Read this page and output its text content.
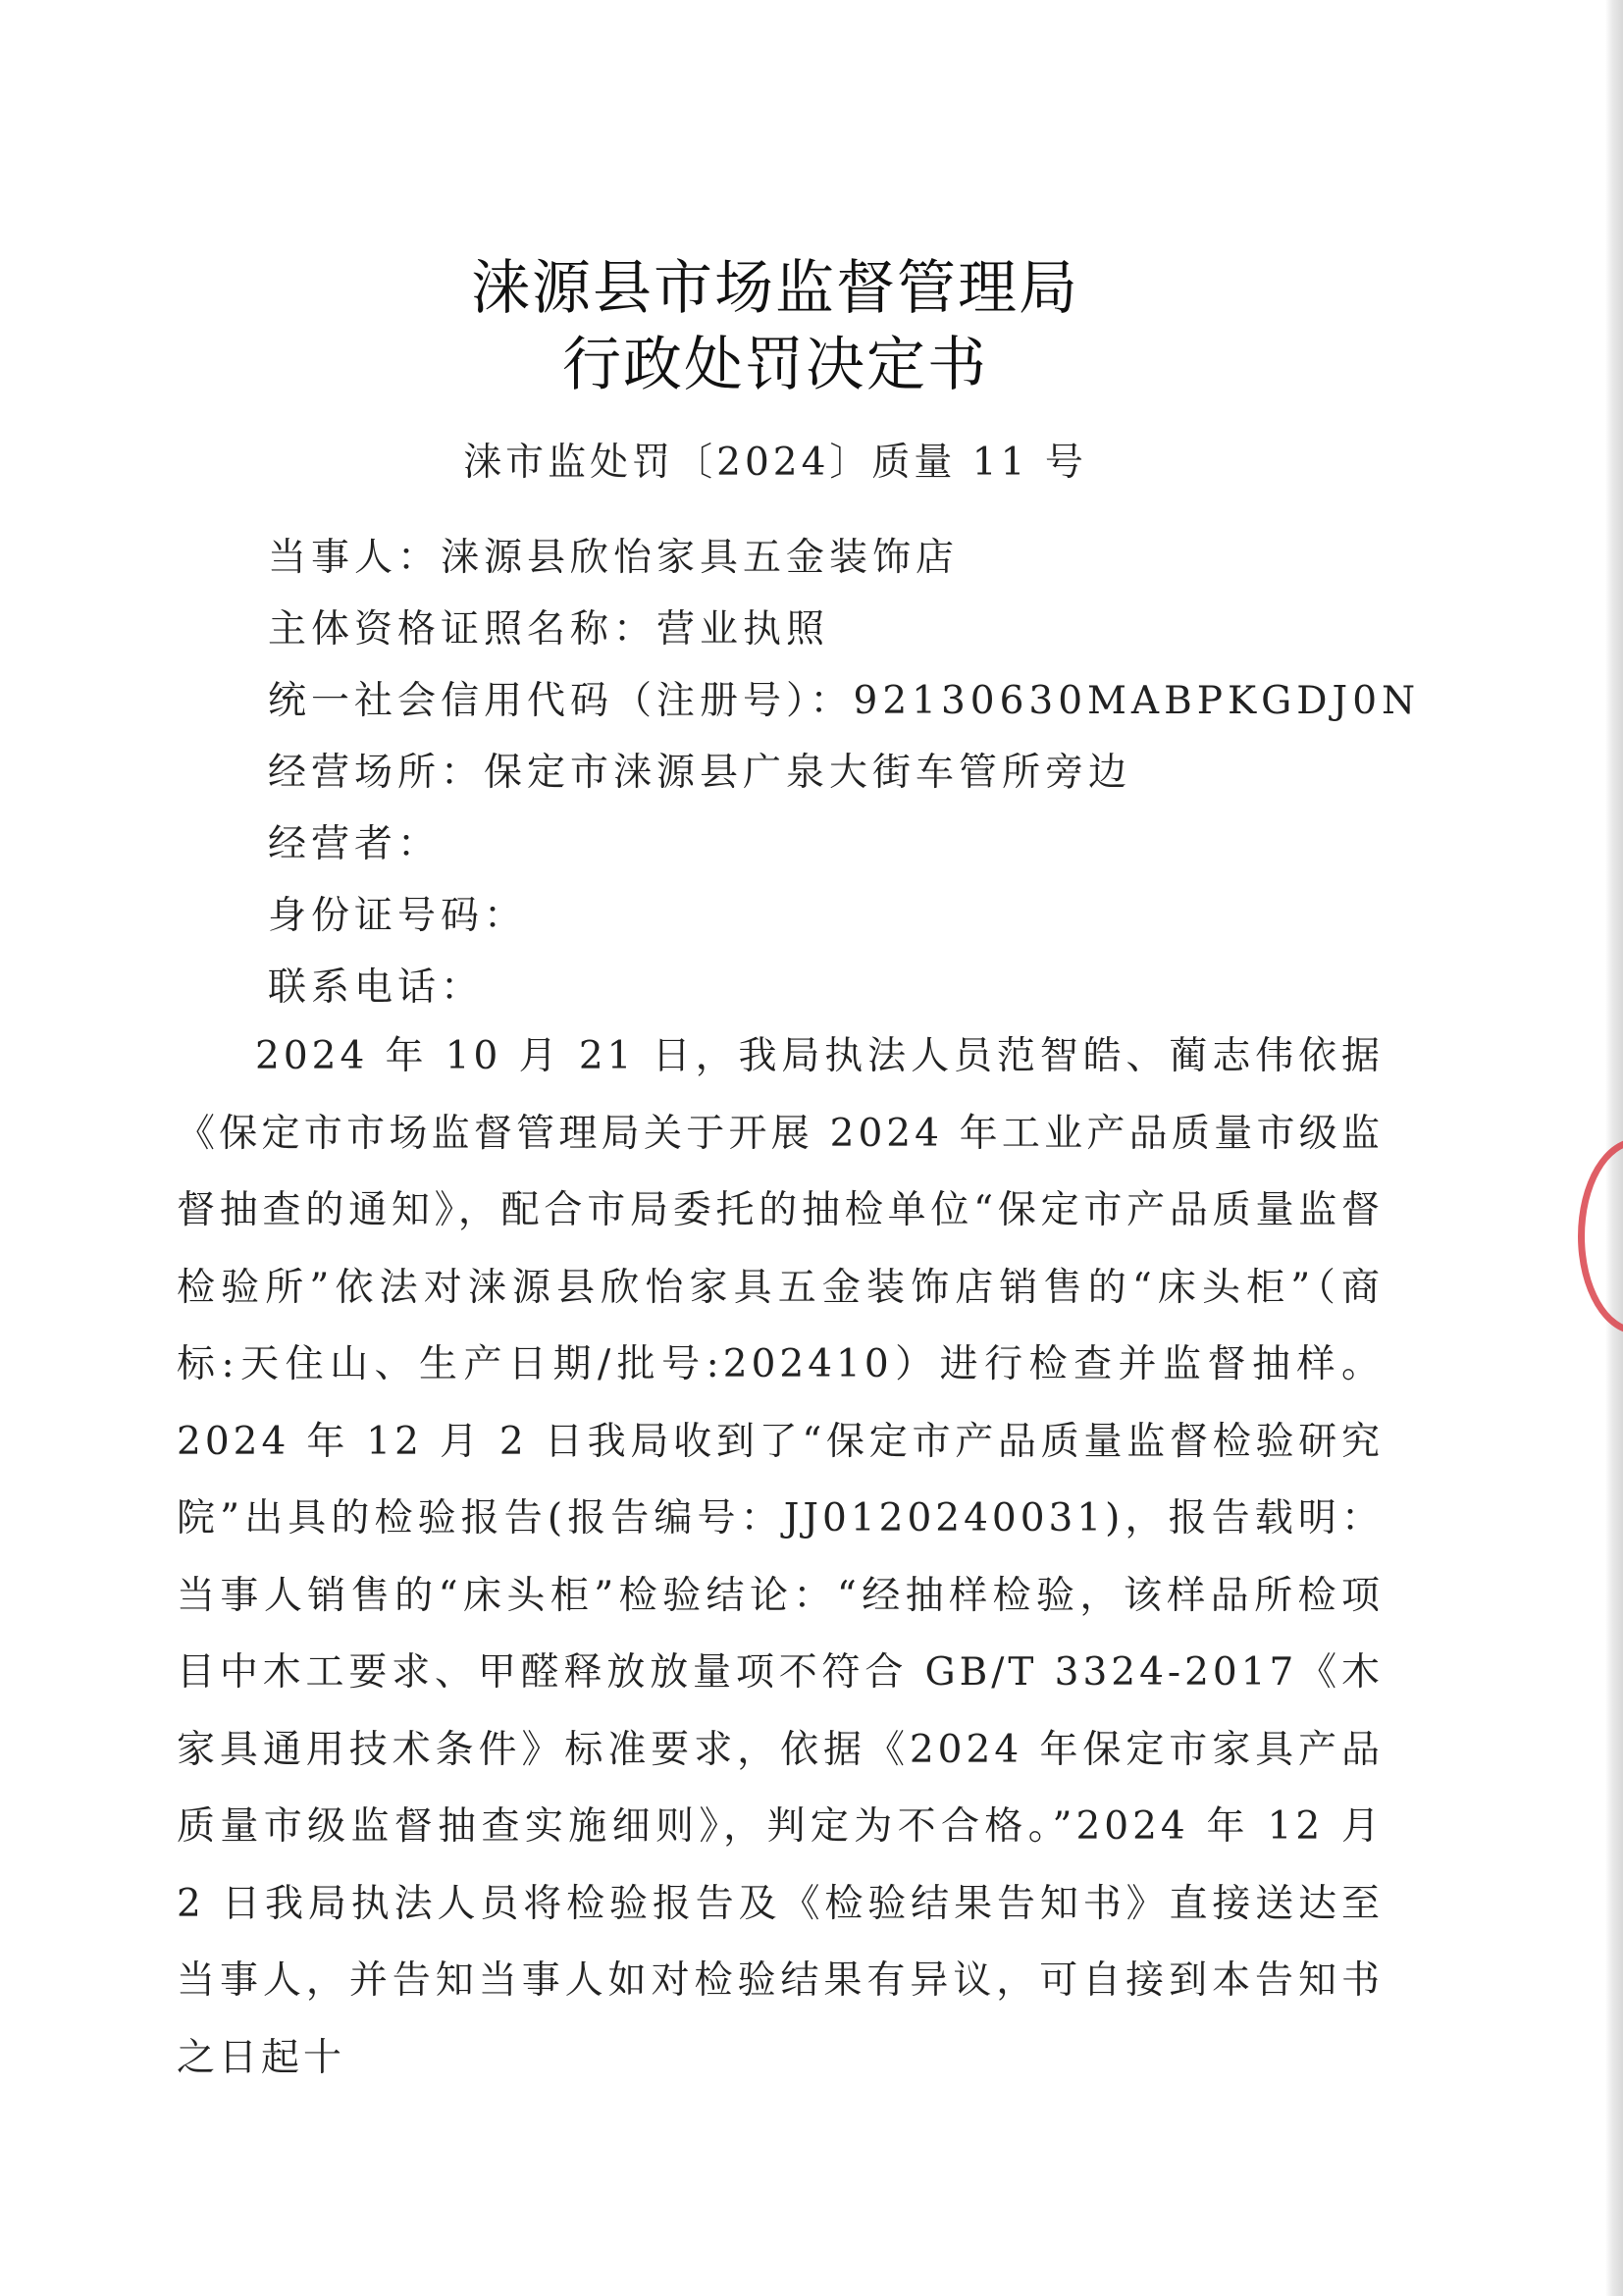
涞源县市场监督管理局
行政处罚决定书
涞市监处罚〔2024〕质量 11 号
当事人：涞源县欣怡家具五金装饰店
主体资格证照名称：营业执照
统一社会信用代码（注册号）：92130630MABPKGDJ0N
经营场所：保定市涞源县广泉大街车管所旁边
经营者：
身份证号码：
联系电话：

2024 年 10 月 21 日，我局执法人员范智皓、蔺志伟依据《保定市市场监督管理局关于开展 2024 年工业产品质量市级监督抽查的通知》，配合市局委托的抽检单位“保定市产品质量监督检验所”依法对涞源县欣怡家具五金装饰店销售的“床头柜”（商标:天住山、生产日期/批号:202410）进行检查并监督抽样。2024 年 12 月 2 日我局收到了“保定市产品质量监督检验研究院”出具的检验报告(报告编号：JJ0120240031)，报告载明：当事人销售的“床头柜”检验结论：“经抽样检验，该样品所检项目中木工要求、甲醛释放放量项不符合 GB/T 3324-2017《木家具通用技术条件》标准要求，依据《2024 年保定市家具产品质量市级监督抽查实施细则》，判定为不合格。”2024 年 12 月 2 日我局执法人员将检验报告及《检验结果告知书》直接送达至当事人，并告知当事人如对检验结果有异议，可自接到本告知书之日起十
